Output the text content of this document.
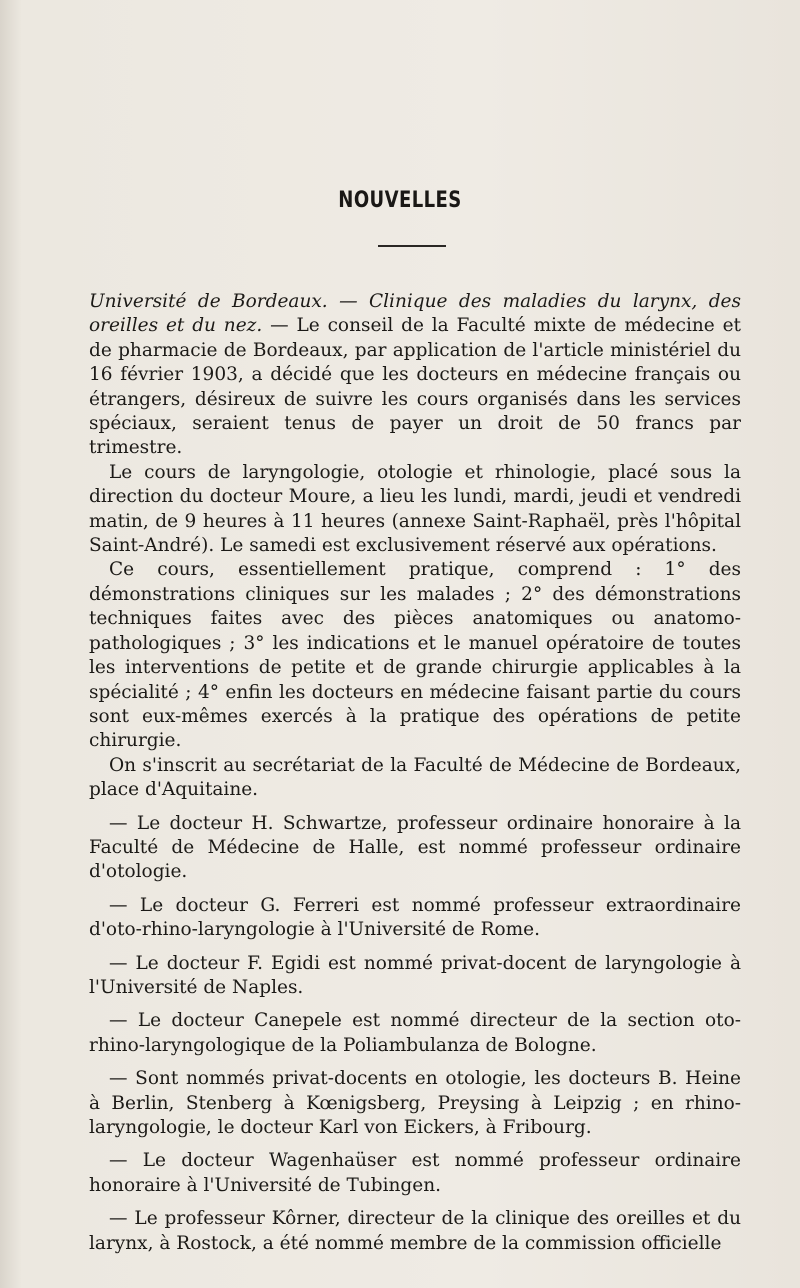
NOUVELLES

Université de Bordeaux. — Clinique des maladies du larynx, des oreilles et du nez. — Le conseil de la Faculté mixte de médecine et de pharmacie de Bordeaux, par application de l'article ministériel du 16 février 1903, a décidé que les docteurs en médecine français ou étrangers, désireux de suivre les cours organisés dans les services spéciaux, seraient tenus de payer un droit de 50 francs par trimestre.

Le cours de laryngologie, otologie et rhinologie, placé sous la direction du docteur Moure, a lieu les lundi, mardi, jeudi et vendredi matin, de 9 heures à 11 heures (annexe Saint-Raphaël, près l'hôpital Saint-André). Le samedi est exclusivement réservé aux opérations.

Ce cours, essentiellement pratique, comprend : 1° des démonstrations cliniques sur les malades ; 2° des démonstrations techniques faites avec des pièces anatomiques ou anatomo-pathologiques ; 3° les indications et le manuel opératoire de toutes les interventions de petite et de grande chirurgie applicables à la spécialité ; 4° enfin les docteurs en médecine faisant partie du cours sont eux-mêmes exercés à la pratique des opérations de petite chirurgie.

On s'inscrit au secrétariat de la Faculté de Médecine de Bordeaux, place d'Aquitaine.

— Le docteur H. Schwartze, professeur ordinaire honoraire à la Faculté de Médecine de Halle, est nommé professeur ordinaire d'otologie.

— Le docteur G. Ferreri est nommé professeur extraordinaire d'oto-rhino-laryngologie à l'Université de Rome.

— Le docteur F. Egidi est nommé privat-docent de laryngologie à l'Université de Naples.

— Le docteur Canepele est nommé directeur de la section oto-rhino-laryngologique de la Poliambulanza de Bologne.

— Sont nommés privat-docents en otologie, les docteurs B. Heine à Berlin, Stenberg à Kœnigsberg, Preysing à Leipzig ; en rhino-laryngologie, le docteur Karl von Eickers, à Fribourg.

— Le docteur Wagenhaüser est nommé professeur ordinaire honoraire à l'Université de Tubingen.

— Le professeur Kôrner, directeur de la clinique des oreilles et du larynx, à Rostock, a été nommé membre de la commission officielle
